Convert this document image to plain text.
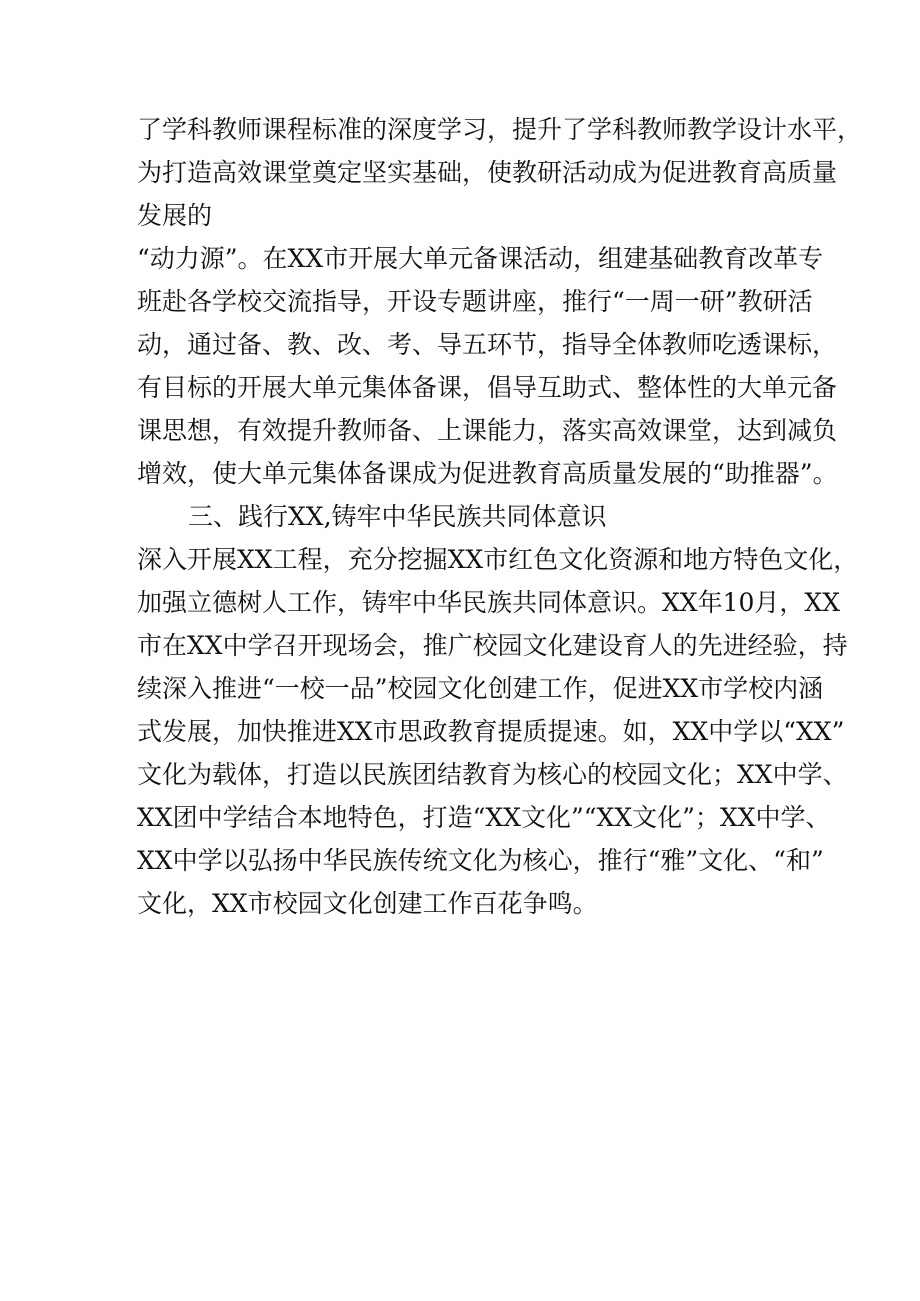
了学科教师课程标准的深度学习，提升了学科教师教学设计水平，

为打造高效课堂奠定坚实基础，使教研活动成为促进教育高质量

发展的

“动力源”。在XX市开展大单元备课活动，组建基础教育改革专

班赴各学校交流指导，开设专题讲座，推行“一周一研”教研活

动，通过备、教、改、考、导五环节，指导全体教师吃透课标，

有目标的开展大单元集体备课，倡导互助式、整体性的大单元备

课思想，有效提升教师备、上课能力，落实高效课堂，达到减负

增效，使大单元集体备课成为促进教育高质量发展的“助推器”。

三、践行XX,铸牢中华民族共同体意识

深入开展XX工程，充分挖掘XX市红色文化资源和地方特色文化，

加强立德树人工作，铸牢中华民族共同体意识。XX年10月，XX

市在XX中学召开现场会，推广校园文化建设育人的先进经验，持

续深入推进“一校一品”校园文化创建工作，促进XX市学校内涵

式发展，加快推进XX市思政教育提质提速。如，XX中学以“XX”

文化为载体，打造以民族团结教育为核心的校园文化；XX中学、

XX团中学结合本地特色，打造“XX文化”“XX文化”；XX中学、

XX中学以弘扬中华民族传统文化为核心，推行“雅”文化、“和”

文化，XX市校园文化创建工作百花争鸣。
